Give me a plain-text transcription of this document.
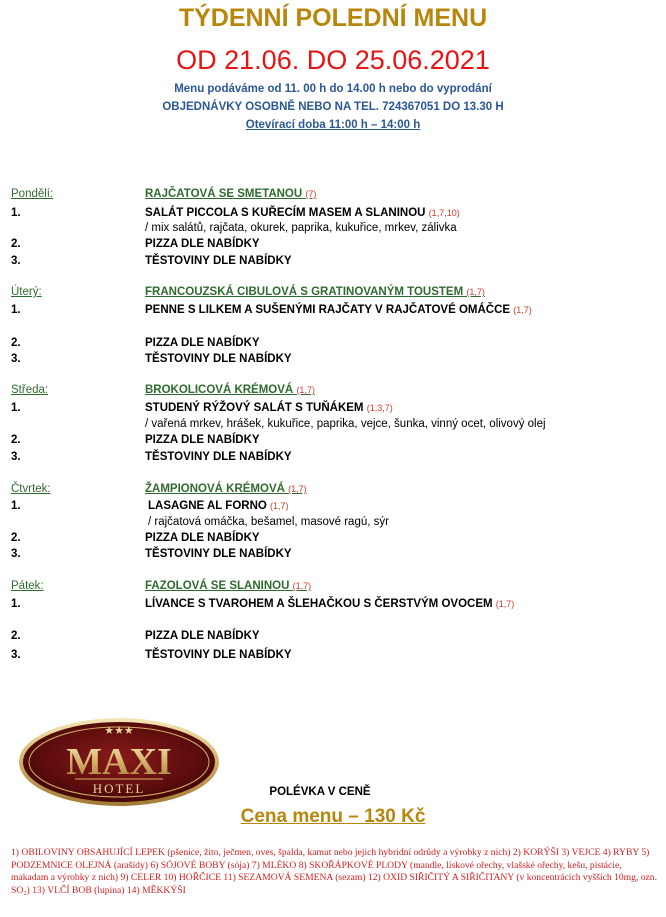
TÝDENNÍ POLEDNÍ MENU
OD 21.06. DO 25.06.2021
Menu podáváme od 11. 00 h do 14.00 h nebo do vyprodání
OBJEDNÁVKY OSOBNĚ NEBO NA TEL. 724367051 DO 13.30 H
Otevírací doba 11:00 h – 14:00 h
Pondělí:	RAJČATOVÁ SE SMETANOU (7)
1.	SALÁT PICCOLA S KUŘECÍM MASEM A SLANINOU (1,7,10)
/ mix salátů, rajčata, okurek, paprika, kukuřice, mrkev, zálivka
2.	PIZZA DLE NABÍDKY
3.	TĚSTOVINY DLE NABÍDKY
Úterý:	FRANCOUZSKÁ CIBULOVÁ S GRATINOVANÝM TOUSTEM (1,7)
1.	PENNE S LILKEM A SUŠENÝMI RAJČATY V RAJČATOVÉ OMÁČCE (1,7)
2.	PIZZA DLE NABÍDKY
3.	TĚSTOVINY DLE NABÍDKY
Středa:	BROKOLICOVÁ KRÉMOVÁ (1,7)
1.	STUDENÝ RÝŽOVÝ SALÁT S TUŇÁKEM (1,3,7)
/ vařená mrkev, hrášek, kukuřice, paprika, vejce, šunka, vinný ocet, olivový olej
2.	PIZZA DLE NABÍDKY
3.	TĚSTOVINY DLE NABÍDKY
Čtvrtek:	ŽAMPIONOVÁ KRÉMOVÁ (1,7)
1.	LASAGNE AL FORNO (1,7)
/ rajčatová omáčka, bešamel, masové ragú, sýr
2.	PIZZA DLE NABÍDKY
3.	TĚSTOVINY DLE NABÍDKY
Pátek:	FAZOLOVÁ SE SLANINOU (1,7)
1.	LÍVANCE S TVAROHEM A ŠLEHAČKOU S ČERSTVÝM OVOCEM (1,7)
2.	PIZZA DLE NABÍDKY
3.	TĚSTOVINY DLE NABÍDKY
★★★
MAXI
HOTEL	POLÉVKA V CENĚ
Cena menu – 130 Kč
1) OBILOVINY OBSAHUJÍCÍ LEPEK (pšenice, žito, ječmen, oves, špalda, kamut nebo jejich hybridní odrůdy a výrobky z nich) 2) KORÝŠI 3) VEJCE 4) RYBY 5) PODZEMNICE OLEJNÁ (arašídy) 6) SÓJOVÉ BOBY (sója) 7) MLÉKO 8) SKOŘÁPKOVÉ PLODY (mandle, lískové ořechy, vlašské ořechy, kešu, pistácie, makadam a výrobky z nich) 9) CELER 10) HOŘČICE 11) SEZAMOVÁ SEMENA (sezam) 12) OXID SIŘIČITÝ A SIŘIČITANY (v koncentrácích vyšších 10mg, ozn. SO₂) 13) VLČÍ BOB (lupina) 14) MĚKKÝŠI
